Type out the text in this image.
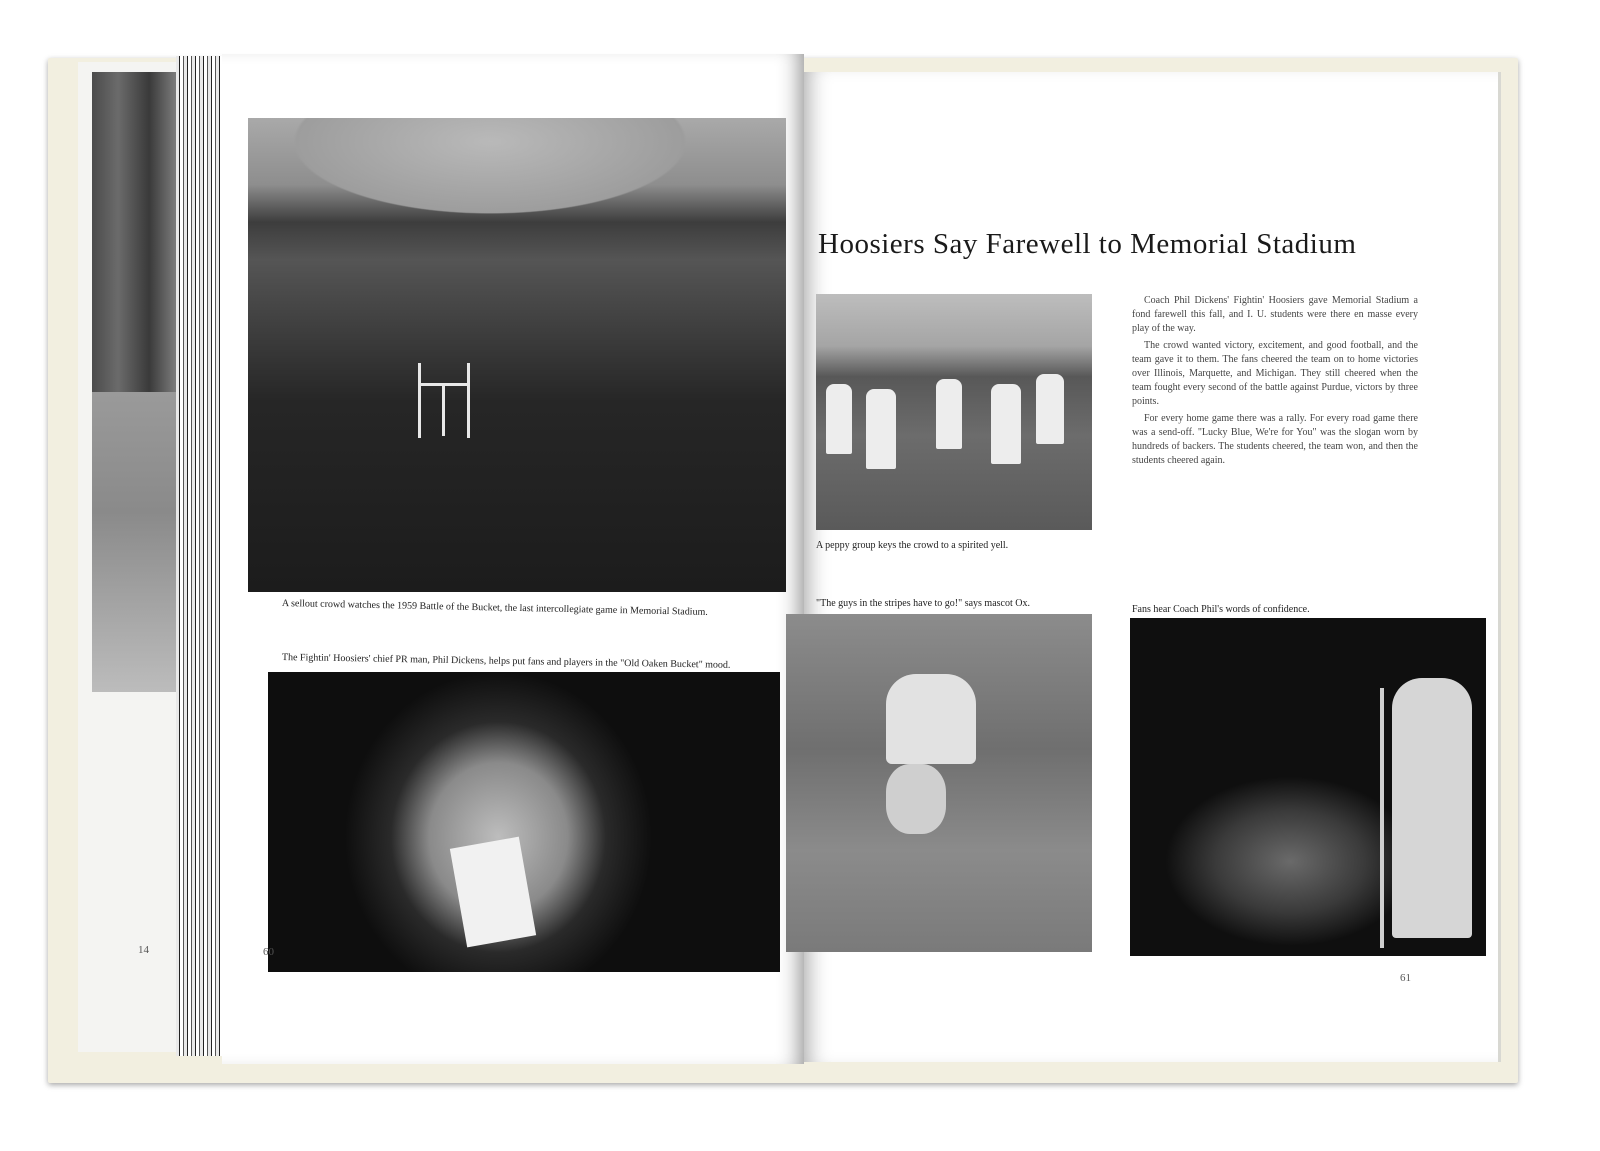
A sellout crowd watches the 1959 Battle of the Bucket, the last intercollegiate game in Memorial Stadium.
The Fightin' Hoosiers' chief PR man, Phil Dickens, helps put fans and players in the "Old Oaken Bucket" mood.
14	60
Hoosiers Say Farewell to Memorial Stadium
A peppy group keys the crowd to a spirited yell.

Coach Phil Dickens' Fightin' Hoosiers gave Memorial Stadium a fond farewell this fall, and I. U. students were there en masse every play of the way.

The crowd wanted victory, excitement, and good football, and the team gave it to them. The fans cheered the team on to home victories over Illinois, Marquette, and Michigan. They still cheered when the team fought every second of the battle against Purdue, victors by three points.

For every home game there was a rally. For every road game there was a send-off. "Lucky Blue, We're for You" was the slogan worn by hundreds of backers. The students cheered, the team won, and then the students cheered again.

"The guys in the stripes have to go!" says mascot Ox.
Fans hear Coach Phil's words of confidence.
61
